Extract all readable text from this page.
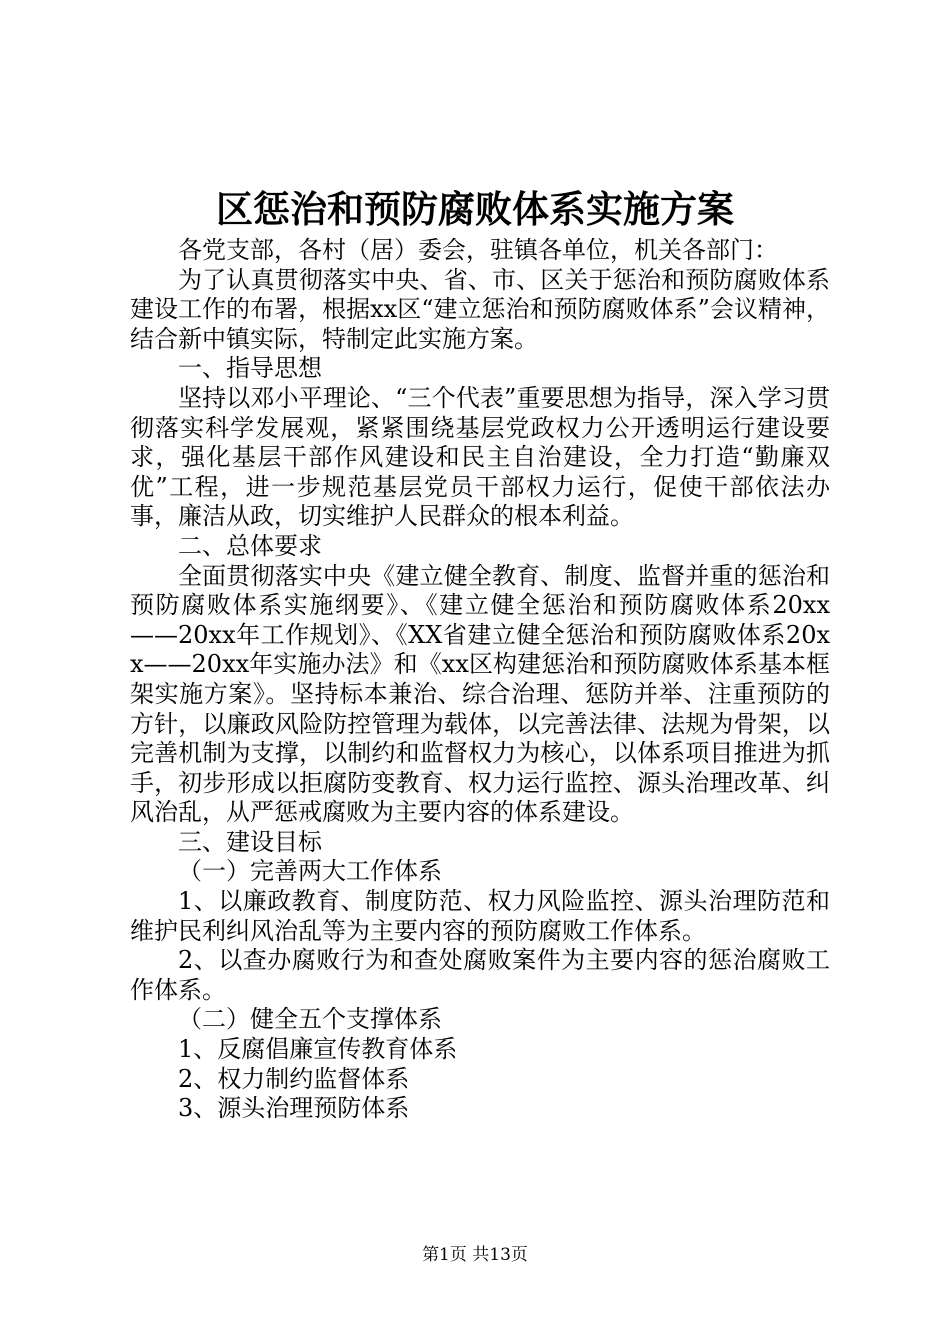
区惩治和预防腐败体系实施方案

各党支部，各村（居）委会，驻镇各单位，机关各部门：

为了认真贯彻落实中央、省、市、区关于惩治和预防腐败体系建设工作的布署，根据xx区“建立惩治和预防腐败体系”会议精神，结合新中镇实际，特制定此实施方案。

一、指导思想

坚持以邓小平理论、“三个代表”重要思想为指导，深入学习贯彻落实科学发展观，紧紧围绕基层党政权力公开透明运行建设要求，强化基层干部作风建设和民主自治建设，全力打造“勤廉双优”工程，进一步规范基层党员干部权力运行，促使干部依法办事，廉洁从政，切实维护人民群众的根本利益。

二、总体要求

全面贯彻落实中央《建立健全教育、制度、监督并重的惩治和预防腐败体系实施纲要》、《建立健全惩治和预防腐败体系20xx——20xx年工作规划》、《XX省建立健全惩治和预防腐败体系20xx——20xx年实施办法》和《xx区构建惩治和预防腐败体系基本框架实施方案》。坚持标本兼治、综合治理、惩防并举、注重预防的方针，以廉政风险防控管理为载体，以完善法律、法规为骨架，以完善机制为支撑，以制约和监督权力为核心，以体系项目推进为抓手，初步形成以拒腐防变教育、权力运行监控、源头治理改革、纠风治乱，从严惩戒腐败为主要内容的体系建设。

三、建设目标

（一）完善两大工作体系

1、以廉政教育、制度防范、权力风险监控、源头治理防范和维护民利纠风治乱等为主要内容的预防腐败工作体系。

2、以查办腐败行为和查处腐败案件为主要内容的惩治腐败工作体系。

（二）健全五个支撑体系

1、反腐倡廉宣传教育体系

2、权力制约监督体系

3、源头治理预防体系

第1页 共13页
